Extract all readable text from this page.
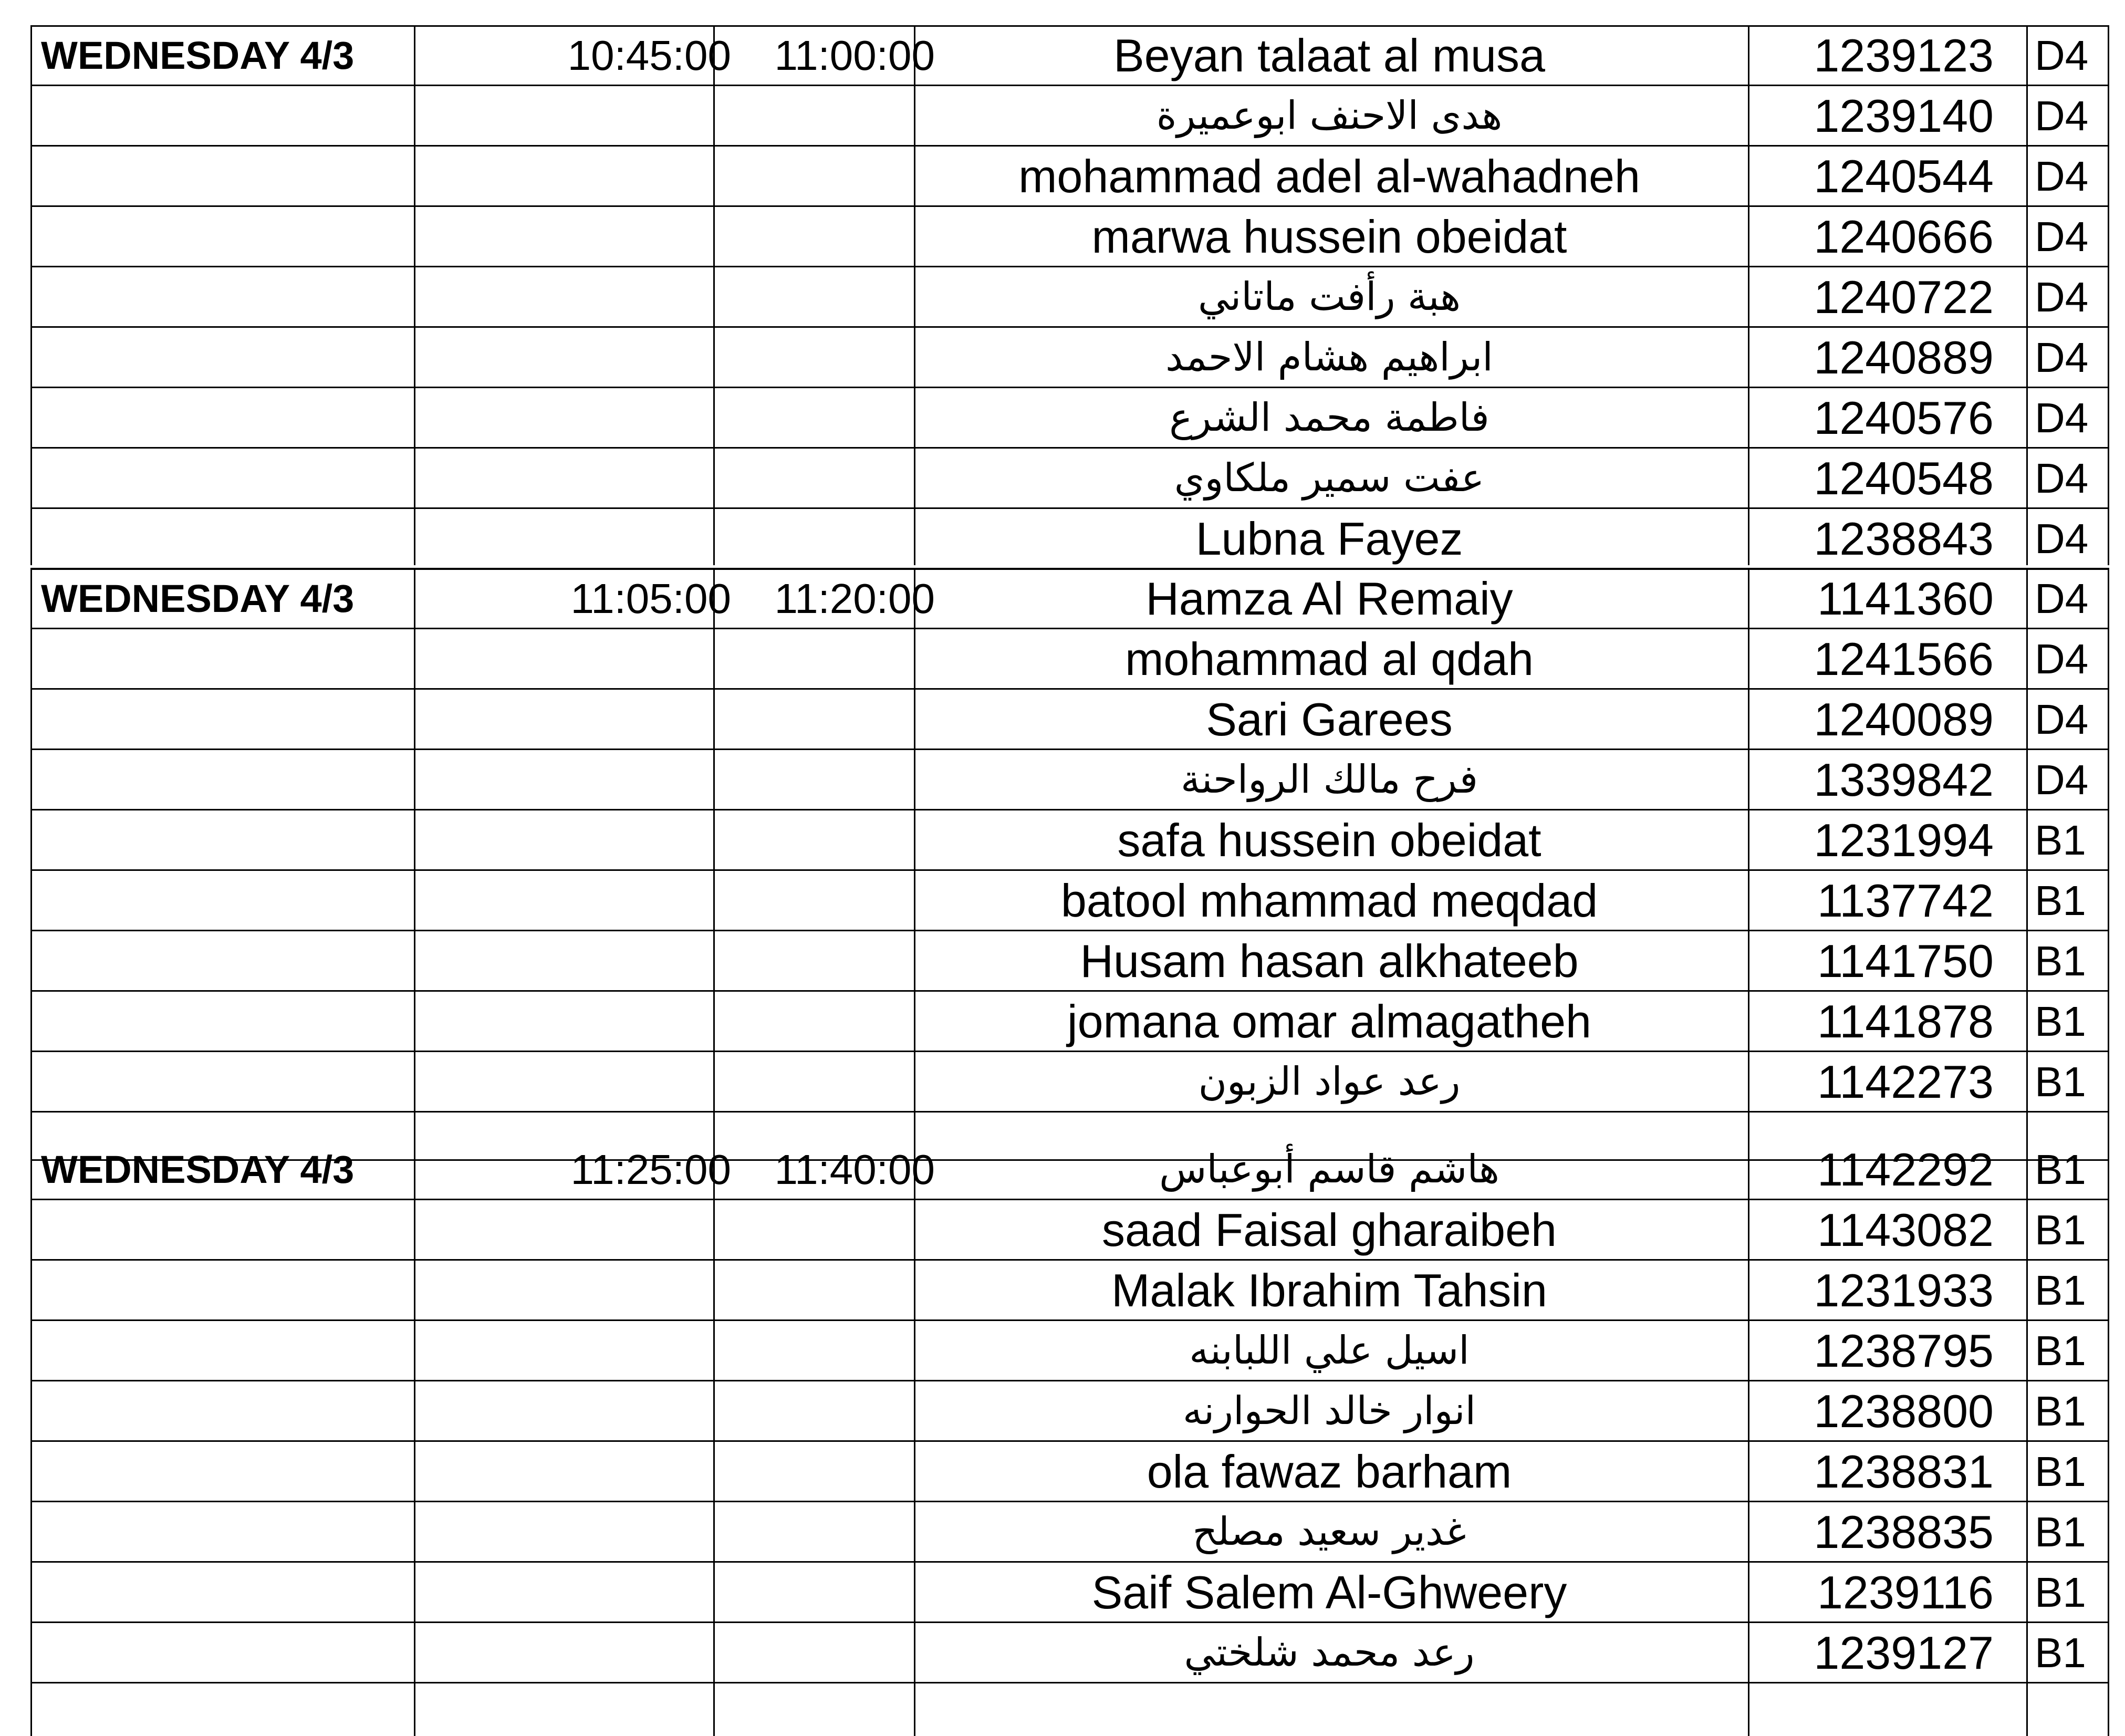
WEDNESDAY 4/3	10:45:00	11:00:00	Beyan talaat al musa	1239123 D4
هدى الاحنف ابوعميرة	1239140 D4
mohammad adel al-wahadneh	1240544 D4
marwa hussein obeidat	1240666 D4
هبة رأفت ماتاني	1240722 D4
ابراهيم هشام الاحمد	1240889 D4
فاطمة محمد الشرع	1240576 D4
عفت سمير ملكاوي	1240548 D4
Lubna Fayez	1238843 D4
WEDNESDAY 4/3	11:05:00	11:20:00	Hamza Al Remaiy	1141360 D4
mohammad al qdah	1241566 D4
Sari Garees	1240089 D4
فرح مالك الرواحنة	1339842 D4
safa hussein obeidat	1231994 B1
batool mhammad meqdad	1137742 B1
Husam hasan alkhateeb	1141750 B1
jomana omar almagatheh	1141878 B1
رعد عواد الزبون	1142273 B1
WEDNESDAY 4/3	11:25:00	11:40:00	هاشم قاسم أبوعباس	1142292 B1
saad Faisal gharaibeh	1143082 B1
Malak Ibrahim Tahsin	1231933 B1
اسيل علي اللبابنه	1238795 B1
انوار خالد الحوارنه	1238800 B1
ola fawaz barham	1238831 B1
غدير سعيد مصلح	1238835 B1
Saif Salem Al-Ghweery	1239116 B1
رعد محمد شلختي	1239127 B1
